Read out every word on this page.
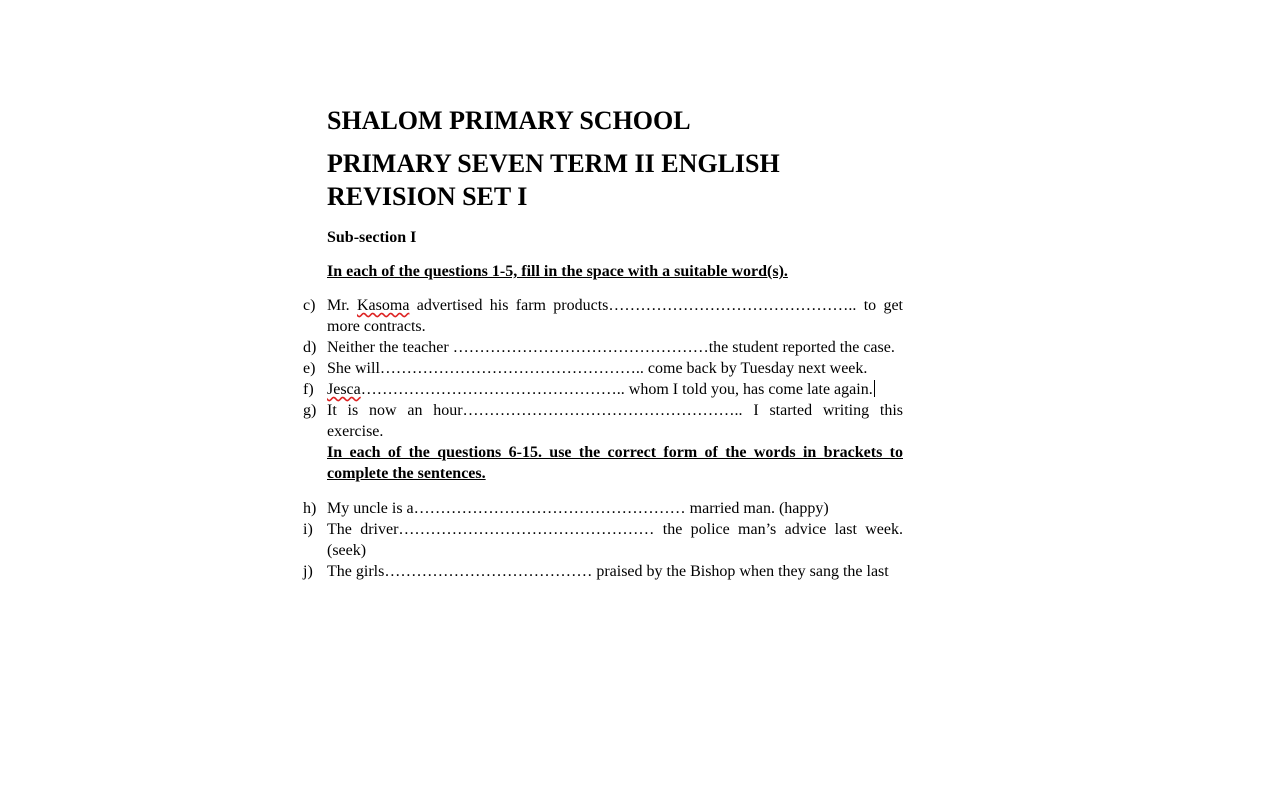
SHALOM PRIMARY SCHOOL
PRIMARY SEVEN TERM II ENGLISH REVISION SET I

Sub-section I

In each of the questions 1-5, fill in the space with a suitable word(s).

c) Mr. Kasoma advertised his farm products……………………………………….. to get more contracts.
d) Neither the teacher …………………………………………the student reported the case.
e) She will………………………………………….. come back by Tuesday next week.
f) Jesca………………………………………….. whom I told you, has come late again.
g) It is now an hour…………………………………………….. I started writing this exercise.

In each of the questions 6-15. use the correct form of the words in brackets to complete the sentences.

h) My uncle is a…………………………………………… married man. (happy)
i) The driver………………………………………… the police man’s advice last week. (seek)
j) The girls………………………………… praised by the Bishop when they sang the last
